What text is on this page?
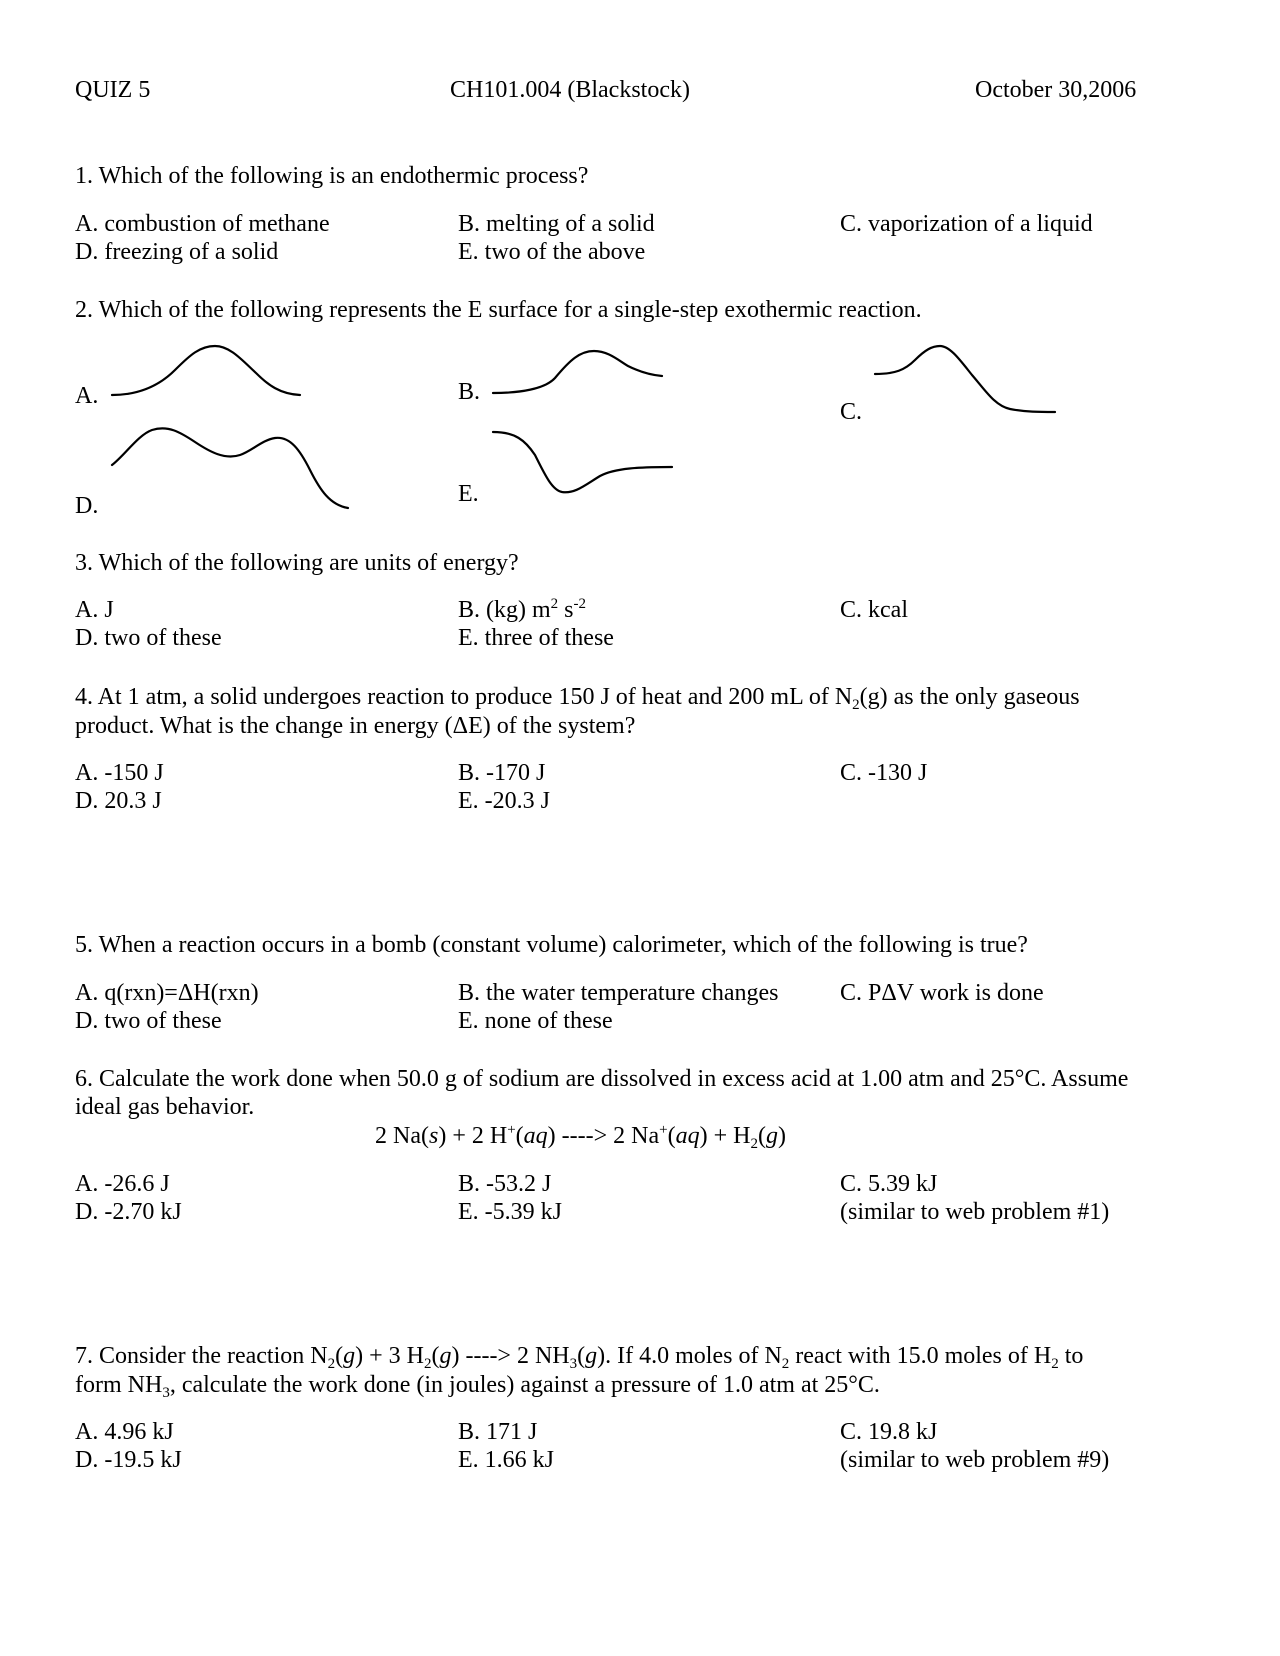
QUIZ 5	CH101.004 (Blackstock)	October 30,2006
1. Which of the following is an endothermic process?
A. combustion of methane	B. melting of a solid	C. vaporization of a liquid
D. freezing of a solid	E. two of the above
2. Which of the following represents the E surface for a single-step exothermic reaction.
A.	B.
C.
D.	E.
3. Which of the following are units of energy?
A. J	B. (kg) $m^2$ $s^{-2}$	C. kcal
D. two of these	E. three of these
4. At 1 atm, a solid undergoes reaction to produce 150 J of heat and 200 mL of $N_2(g)$ as the only gaseous
product. What is the change in energy (ΔE) of the system?
A. -150 J	B. -170 J	C. -130 J
D. 20.3 J	E. -20.3 J
5. When a reaction occurs in a bomb (constant volume) calorimeter, which of the following is true?
A. q(rxn)=ΔH(rxn)	B. the water temperature changes	C. PΔV work is done
D. two of these	E. none of these
6. Calculate the work done when 50.0 g of sodium are dissolved in excess acid at 1.00 atm and 25°C. Assume
ideal gas behavior.
2 Na(s) + 2 H+(aq) ----> 2 $Na^+(aq) + H_2(g)$
A. -26.6 J	B. -53.2 J	C. 5.39 kJ
D. -2.70 kJ	E. -5.39 kJ	(similar to web problem #1)
7. Consider the reaction $N_2(g) + 3$ $H_2(g)$ ----> 2 $NH_3(g)$. If 4.0 moles of $N_2$ react with 15.0 moles of $H_2$ to
form $NH_3$, calculate the work done (in joules) against a pressure of 1.0 atm at 25°C.
A. 4.96 kJ	B. 171 J	C. 19.8 kJ
D. -19.5 kJ	E. 1.66 kJ	(similar to web problem #9)
